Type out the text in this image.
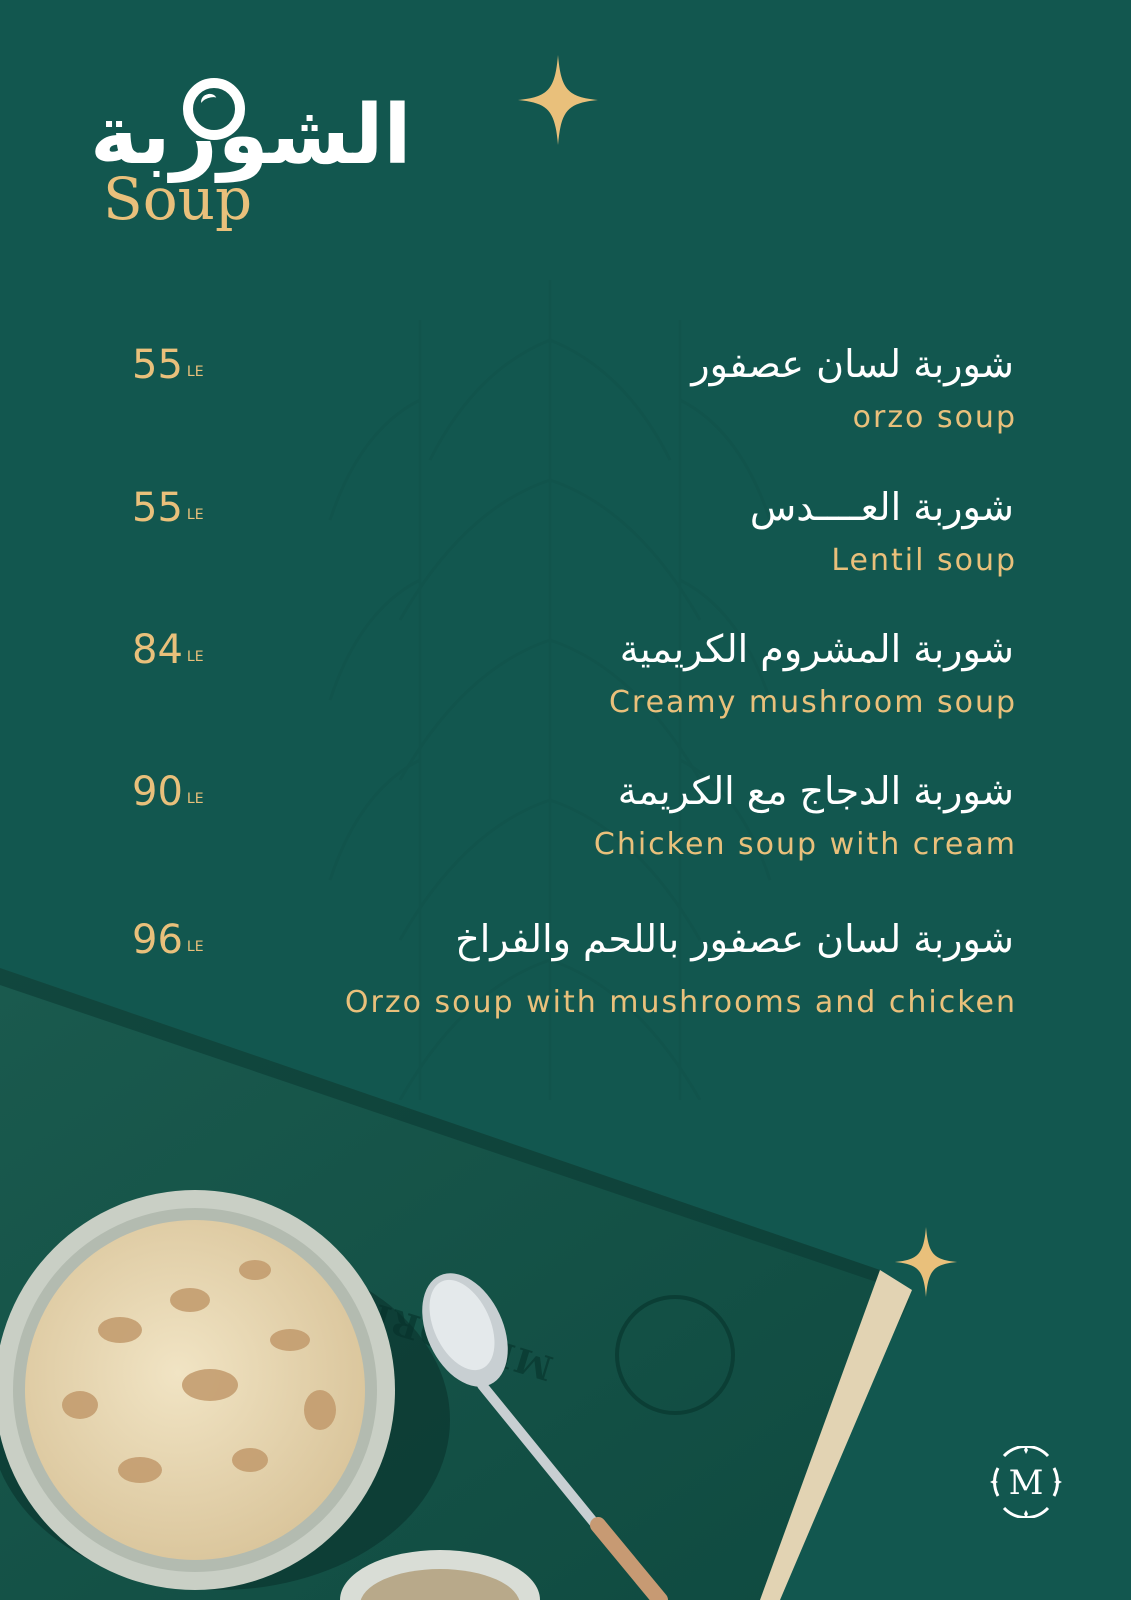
الشوربة
Soup
شوربة لسان عصفور
orzo soup
55 LE
شوربة العــــدس
Lentil soup
55 LE
شوربة المشروم الكريمية
Creamy mushroom soup
84 LE
شوربة الدجاج مع الكريمة
Chicken soup with cream
90 LE
شوربة لسان عصفور باللحم والفراخ
Orzo soup with mushrooms and chicken
96 LE
M
